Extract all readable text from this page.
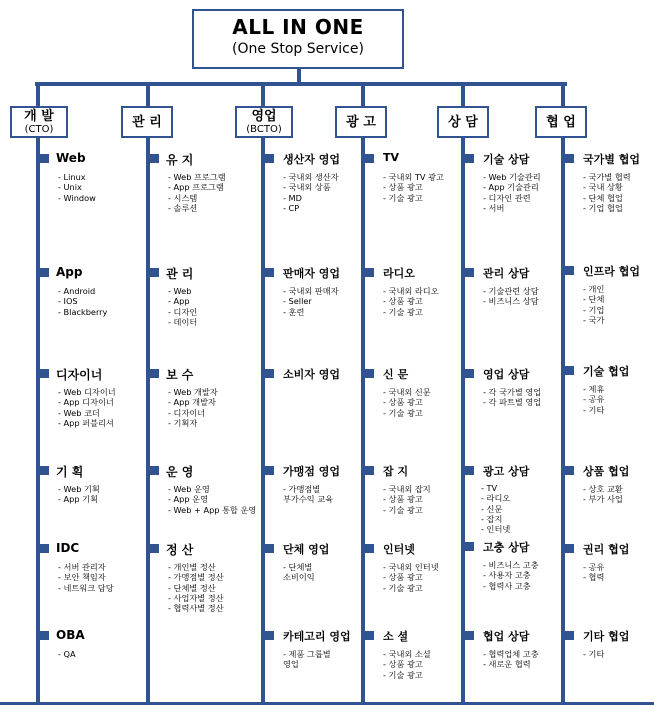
ALL IN ONE
(One Stop Service)
개 발
(CTO)	관 리	영업
(BCTO)	광 고	상 담	협 업
Web
- Linux
- Unix
- Window
App
- Android
- IOS
- Blackberry
디자이너
- Web 디자이너
- App 디자이너
- Web 코더
- App 퍼블리셔
기 획
- Web 기획
- App 기획
IDC
- 서버 관리자
- 보안 책임자
- 네트워크 담당
OBA
- QA
유 지
- Web 프로그램
- App 프로그램
- 시스템
- 솔루션
관 리
- Web
- App
- 디자인
- 데이터
보 수
- Web 개발자
- App 개발자
- 디자이너
- 기획자
운 영
- Web 운영
- App 운영
- Web + App 통합 운영
정 산
- 개인별 정산
- 가맹점별 정산
- 단체별 정산
- 사업자별 정산
- 협력사별 정산
생산자 영업
- 국내외 생산자
- 국내외 상품
- MD
- CP
판매자 영업
- 국내외 판매자
- Seller
- 훈련
소비자 영업
가맹점 영업
- 가맹점별
부가수익 교육
단체 영업
- 단체별
소비이익
카테고리 영업
- 제품 그룹별
영업
TV
- 국내외 TV 광고
- 상품 광고
- 기술 광고
라디오
- 국내외 라디오
- 상품 광고
- 기술 광고
신 문
- 국내외 신문
- 상품 광고
- 기술 광고
잡 지
- 국내외 잡지
- 상품 광고
- 기술 광고
인터넷
- 국내외 인터넷
- 상품 광고
- 기술 광고
소 셜
- 국내외 소셜
- 상품 광고
- 기술 광고
기술 상담
- Web 기술관리
- App 기술관리
- 디자인 관련
- 서버
관리 상담
- 기술관련 상담
- 비즈니스 상담
영업 상담
- 각 국가별 영업
- 각 파트별 영업
광고 상담
- TV
- 라디오
- 신문
- 잡지
- 인터넷
고충 상담
- 비즈니스 고충
- 사용자 고충
- 협력사 고충
협업 상담
- 협력업체 고충
- 새로운 협력
국가별 협업
- 국가별 협력
- 국내 상황
- 단체 협업
- 기업 협업
인프라 협업
- 개인
- 단체
- 기업
- 국가
기술 협업
- 제휴
- 공유
- 기타
상품 협업
- 상호 교환
- 부가 사업
권리 협업
- 공유
- 협력
기타 협업
- 기타
